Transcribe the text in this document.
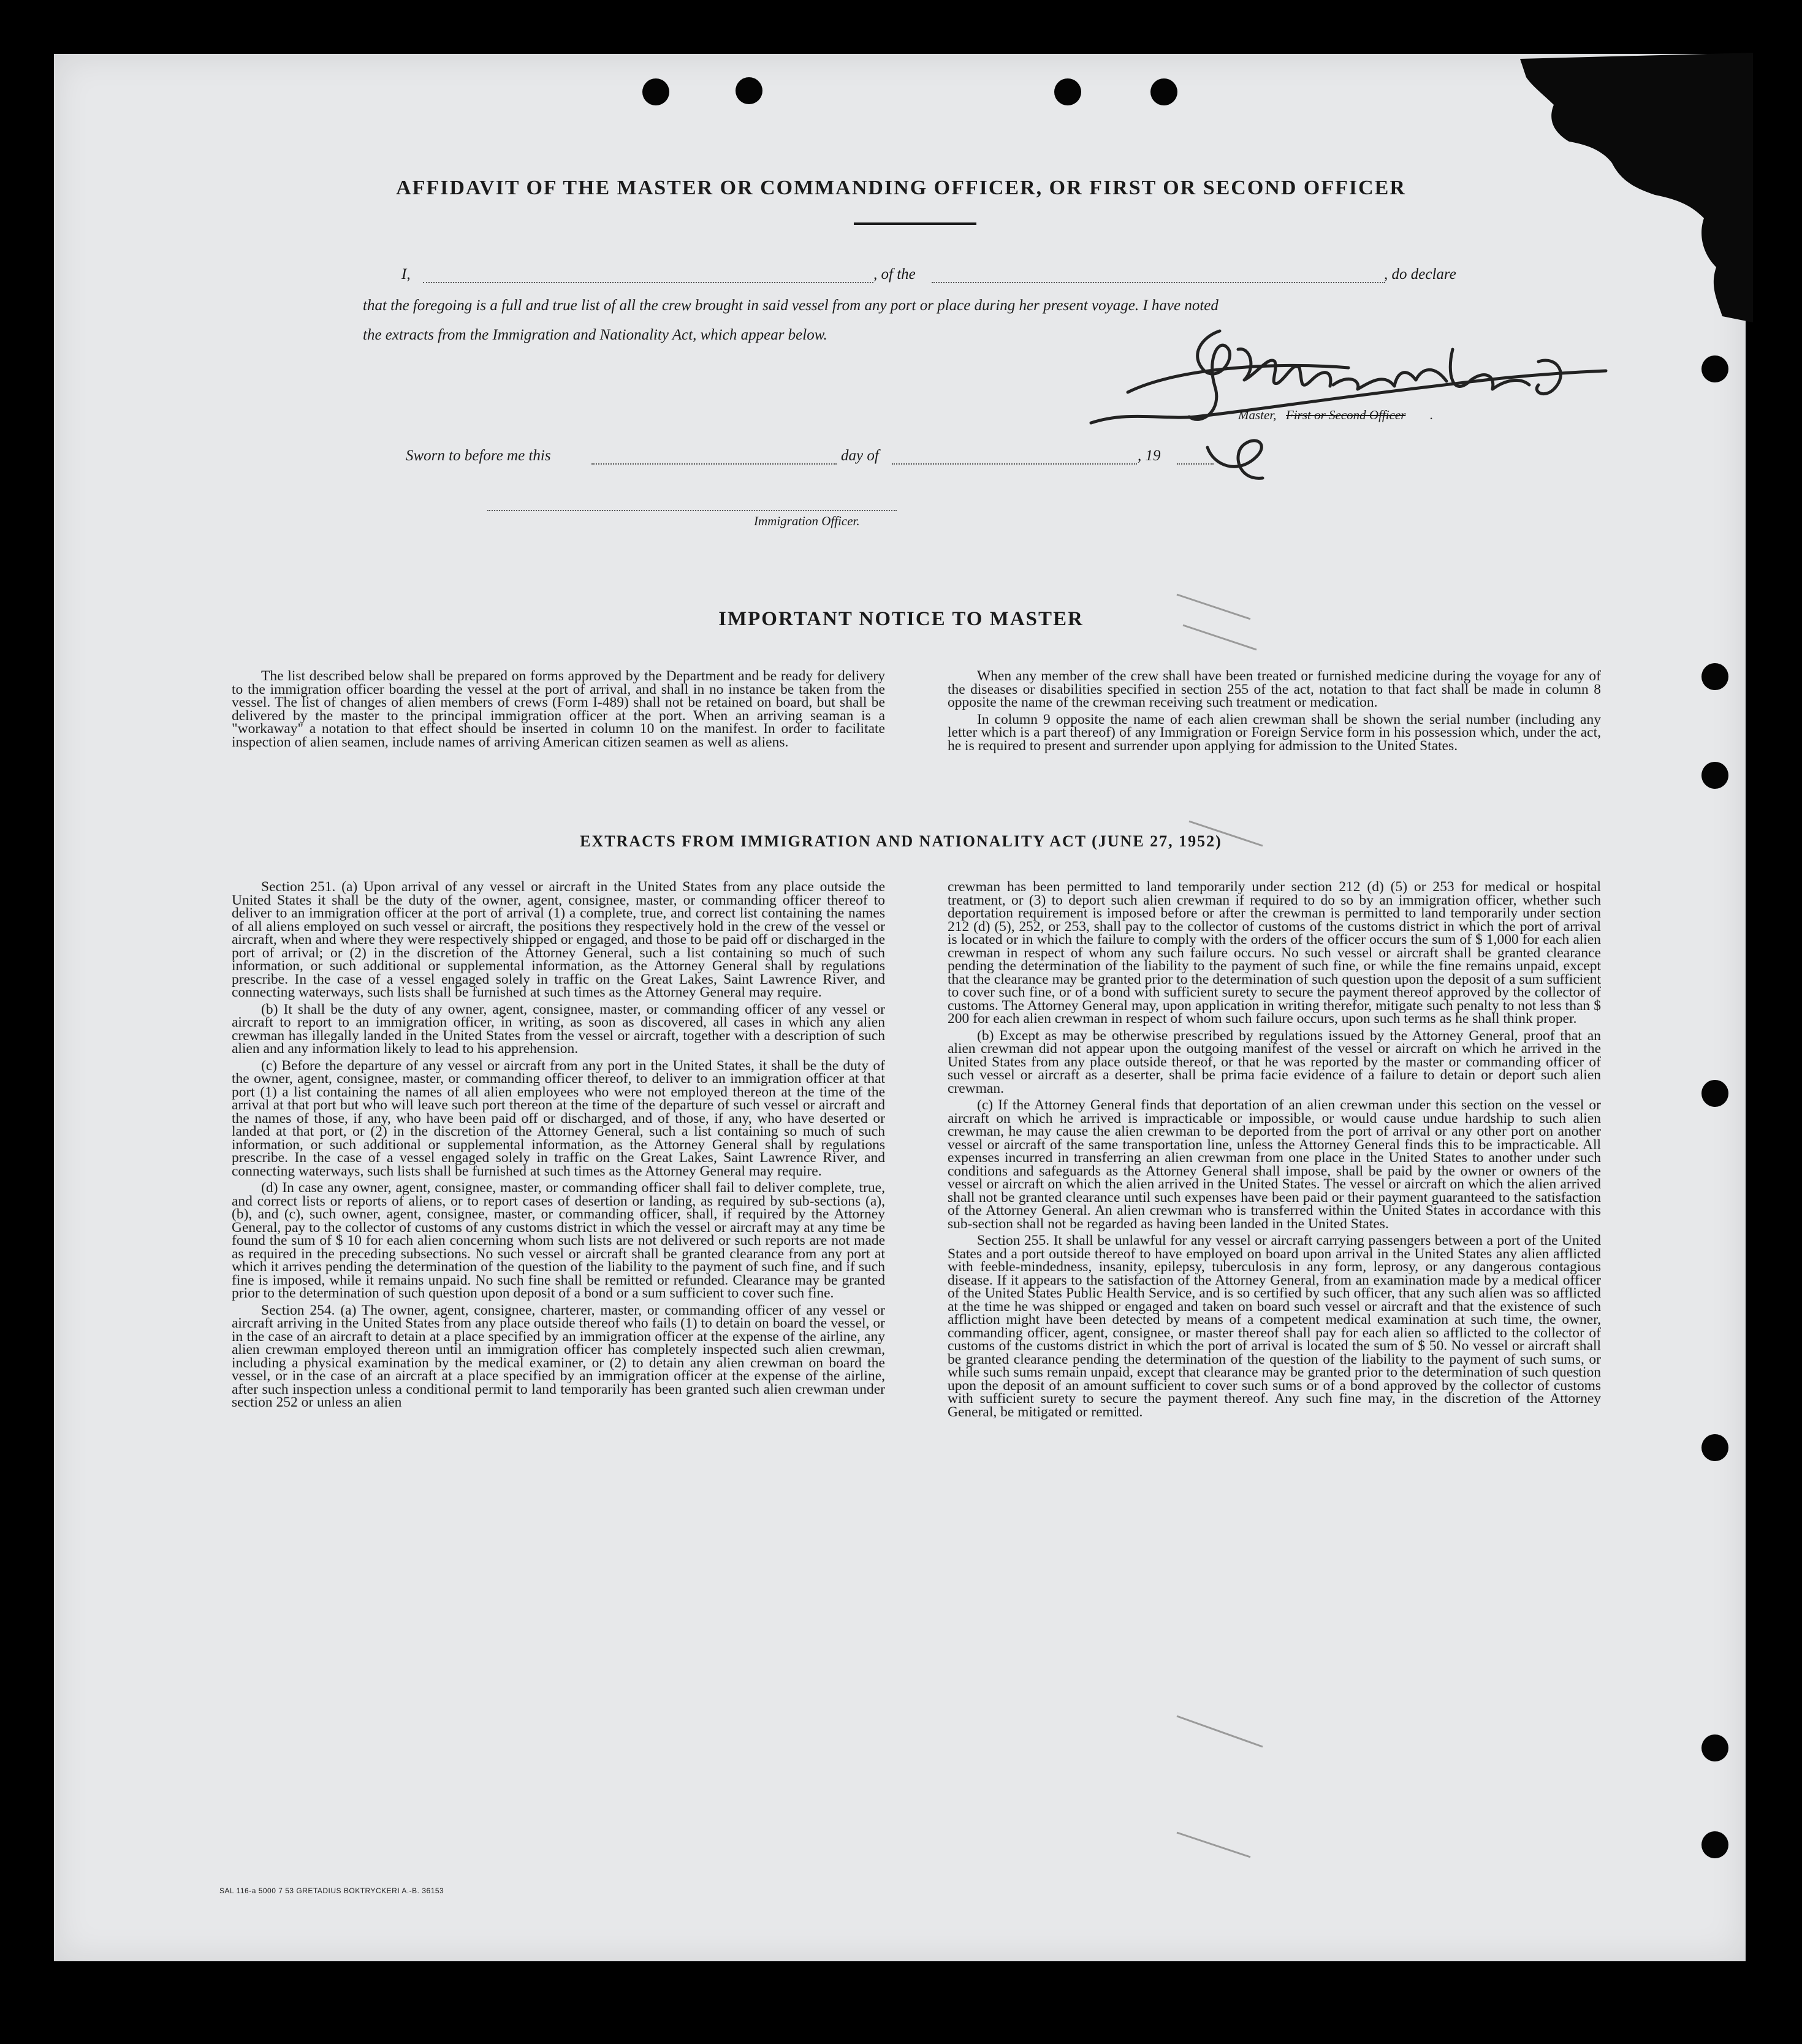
AFFIDAVIT OF THE MASTER OR COMMANDING OFFICER, OR FIRST OR SECOND OFFICER
I,	, of the	, do declare
that the foregoing is a full and true list of all the crew brought in said vessel from any port or place during her present voyage. I have noted
the extracts from the Immigration and Nationality Act, which appear below.
Master, First or Second Officer .
Sworn to before me this	day of	, 19
Immigration Officer.
IMPORTANT NOTICE TO MASTER

The list described below shall be prepared on forms approved by the Department and be ready for delivery to the immigration officer boarding the vessel at the port of arrival, and shall in no instance be taken from the vessel. The list of changes of alien members of crews (Form I-489) shall not be retained on board, but shall be delivered by the master to the principal immigration officer at the port. When an arriving seaman is a "workaway" a notation to that effect should be inserted in column 10 on the manifest. In order to facilitate inspection of alien seamen, include names of arriving American citizen seamen as well as aliens.

When any member of the crew shall have been treated or furnished medicine during the voyage for any of the diseases or disabilities specified in section 255 of the act, notation to that fact shall be made in column 8 opposite the name of the crewman receiving such treatment or medication.

In column 9 opposite the name of each alien crewman shall be shown the serial number (including any letter which is a part thereof) of any Immigration or Foreign Service form in his possession which, under the act, he is required to present and surrender upon applying for admission to the United States.

EXTRACTS FROM IMMIGRATION AND NATIONALITY ACT (JUNE 27, 1952)

Section 251. (a) Upon arrival of any vessel or aircraft in the United States from any place outside the United States it shall be the duty of the owner, agent, consignee, master, or commanding officer thereof to deliver to an immigration officer at the port of arrival (1) a complete, true, and correct list containing the names of all aliens employed on such vessel or aircraft, the positions they respectively hold in the crew of the vessel or aircraft, when and where they were respectively shipped or engaged, and those to be paid off or discharged in the port of arrival; or (2) in the discretion of the Attorney General, such a list containing so much of such information, or such additional or supplemental information, as the Attorney General shall by regulations prescribe. In the case of a vessel engaged solely in traffic on the Great Lakes, Saint Lawrence River, and connecting waterways, such lists shall be furnished at such times as the Attorney General may require.

(b) It shall be the duty of any owner, agent, consignee, master, or commanding officer of any vessel or aircraft to report to an immigration officer, in writing, as soon as discovered, all cases in which any alien crewman has illegally landed in the United States from the vessel or aircraft, together with a description of such alien and any information likely to lead to his apprehension.

(c) Before the departure of any vessel or aircraft from any port in the United States, it shall be the duty of the owner, agent, consignee, master, or commanding officer thereof, to deliver to an immigration officer at that port (1) a list containing the names of all alien employees who were not employed thereon at the time of the arrival at that port but who will leave such port thereon at the time of the departure of such vessel or aircraft and the names of those, if any, who have been paid off or discharged, and of those, if any, who have deserted or landed at that port, or (2) in the discretion of the Attorney General, such a list containing so much of such information, or such additional or supplemental information, as the Attorney General shall by regulations prescribe. In the case of a vessel engaged solely in traffic on the Great Lakes, Saint Lawrence River, and connecting waterways, such lists shall be furnished at such times as the Attorney General may require.

(d) In case any owner, agent, consignee, master, or commanding officer shall fail to deliver complete, true, and correct lists or reports of aliens, or to report cases of desertion or landing, as required by sub-sections (a), (b), and (c), such owner, agent, consignee, master, or commanding officer, shall, if required by the Attorney General, pay to the collector of customs of any customs district in which the vessel or aircraft may at any time be found the sum of $ 10 for each alien concerning whom such lists are not delivered or such reports are not made as required in the preceding subsections. No such vessel or aircraft shall be granted clearance from any port at which it arrives pending the determination of the question of the liability to the payment of such fine, and if such fine is imposed, while it remains unpaid. No such fine shall be remitted or refunded. Clearance may be granted prior to the determination of such question upon deposit of a bond or a sum sufficient to cover such fine.

Section 254. (a) The owner, agent, consignee, charterer, master, or commanding officer of any vessel or aircraft arriving in the United States from any place outside thereof who fails (1) to detain on board the vessel, or in the case of an aircraft to detain at a place specified by an immigration officer at the expense of the airline, any alien crewman employed thereon until an immigration officer has completely inspected such alien crewman, including a physical examination by the medical examiner, or (2) to detain any alien crewman on board the vessel, or in the case of an aircraft at a place specified by an immigration officer at the expense of the airline, after such inspection unless a conditional permit to land temporarily has been granted such alien crewman under section 252 or unless an alien

crewman has been permitted to land temporarily under section 212 (d) (5) or 253 for medical or hospital treatment, or (3) to deport such alien crewman if required to do so by an immigration officer, whether such deportation requirement is imposed before or after the crewman is permitted to land temporarily under section 212 (d) (5), 252, or 253, shall pay to the collector of customs of the customs district in which the port of arrival is located or in which the failure to comply with the orders of the officer occurs the sum of $ 1,000 for each alien crewman in respect of whom any such failure occurs. No such vessel or aircraft shall be granted clearance pending the determination of the liability to the payment of such fine, or while the fine remains unpaid, except that the clearance may be granted prior to the determination of such question upon the deposit of a sum sufficient to cover such fine, or of a bond with sufficient surety to secure the payment thereof approved by the collector of customs. The Attorney General may, upon application in writing therefor, mitigate such penalty to not less than $ 200 for each alien crewman in respect of whom such failure occurs, upon such terms as he shall think proper.

(b) Except as may be otherwise prescribed by regulations issued by the Attorney General, proof that an alien crewman did not appear upon the outgoing manifest of the vessel or aircraft on which he arrived in the United States from any place outside thereof, or that he was reported by the master or commanding officer of such vessel or aircraft as a deserter, shall be prima facie evidence of a failure to detain or deport such alien crewman.

(c) If the Attorney General finds that deportation of an alien crewman under this section on the vessel or aircraft on which he arrived is impracticable or impossible, or would cause undue hardship to such alien crewman, he may cause the alien crewman to be deported from the port of arrival or any other port on another vessel or aircraft of the same transportation line, unless the Attorney General finds this to be impracticable. All expenses incurred in transferring an alien crewman from one place in the United States to another under such conditions and safeguards as the Attorney General shall impose, shall be paid by the owner or owners of the vessel or aircraft on which the alien arrived in the United States. The vessel or aircraft on which the alien arrived shall not be granted clearance until such expenses have been paid or their payment guaranteed to the satisfaction of the Attorney General. An alien crewman who is transferred within the United States in accordance with this sub-section shall not be regarded as having been landed in the United States.

Section 255. It shall be unlawful for any vessel or aircraft carrying passengers between a port of the United States and a port outside thereof to have employed on board upon arrival in the United States any alien afflicted with feeble-mindedness, insanity, epilepsy, tuberculosis in any form, leprosy, or any dangerous contagious disease. If it appears to the satisfaction of the Attorney General, from an examination made by a medical officer of the United States Public Health Service, and is so certified by such officer, that any such alien was so afflicted at the time he was shipped or engaged and taken on board such vessel or aircraft and that the existence of such affliction might have been detected by means of a competent medical examination at such time, the owner, commanding officer, agent, consignee, or master thereof shall pay for each alien so afflicted to the collector of customs of the customs district in which the port of arrival is located the sum of $ 50. No vessel or aircraft shall be granted clearance pending the determination of the question of the liability to the payment of such sums, or while such sums remain unpaid, except that clearance may be granted prior to the determination of such question upon the deposit of an amount sufficient to cover such sums or of a bond approved by the collector of customs with sufficient surety to secure the payment thereof. Any such fine may, in the discretion of the Attorney General, be mitigated or remitted.

SAL 116-a 5000 7 53 GRETADIUS BOKTRYCKERI A.-B. 36153
